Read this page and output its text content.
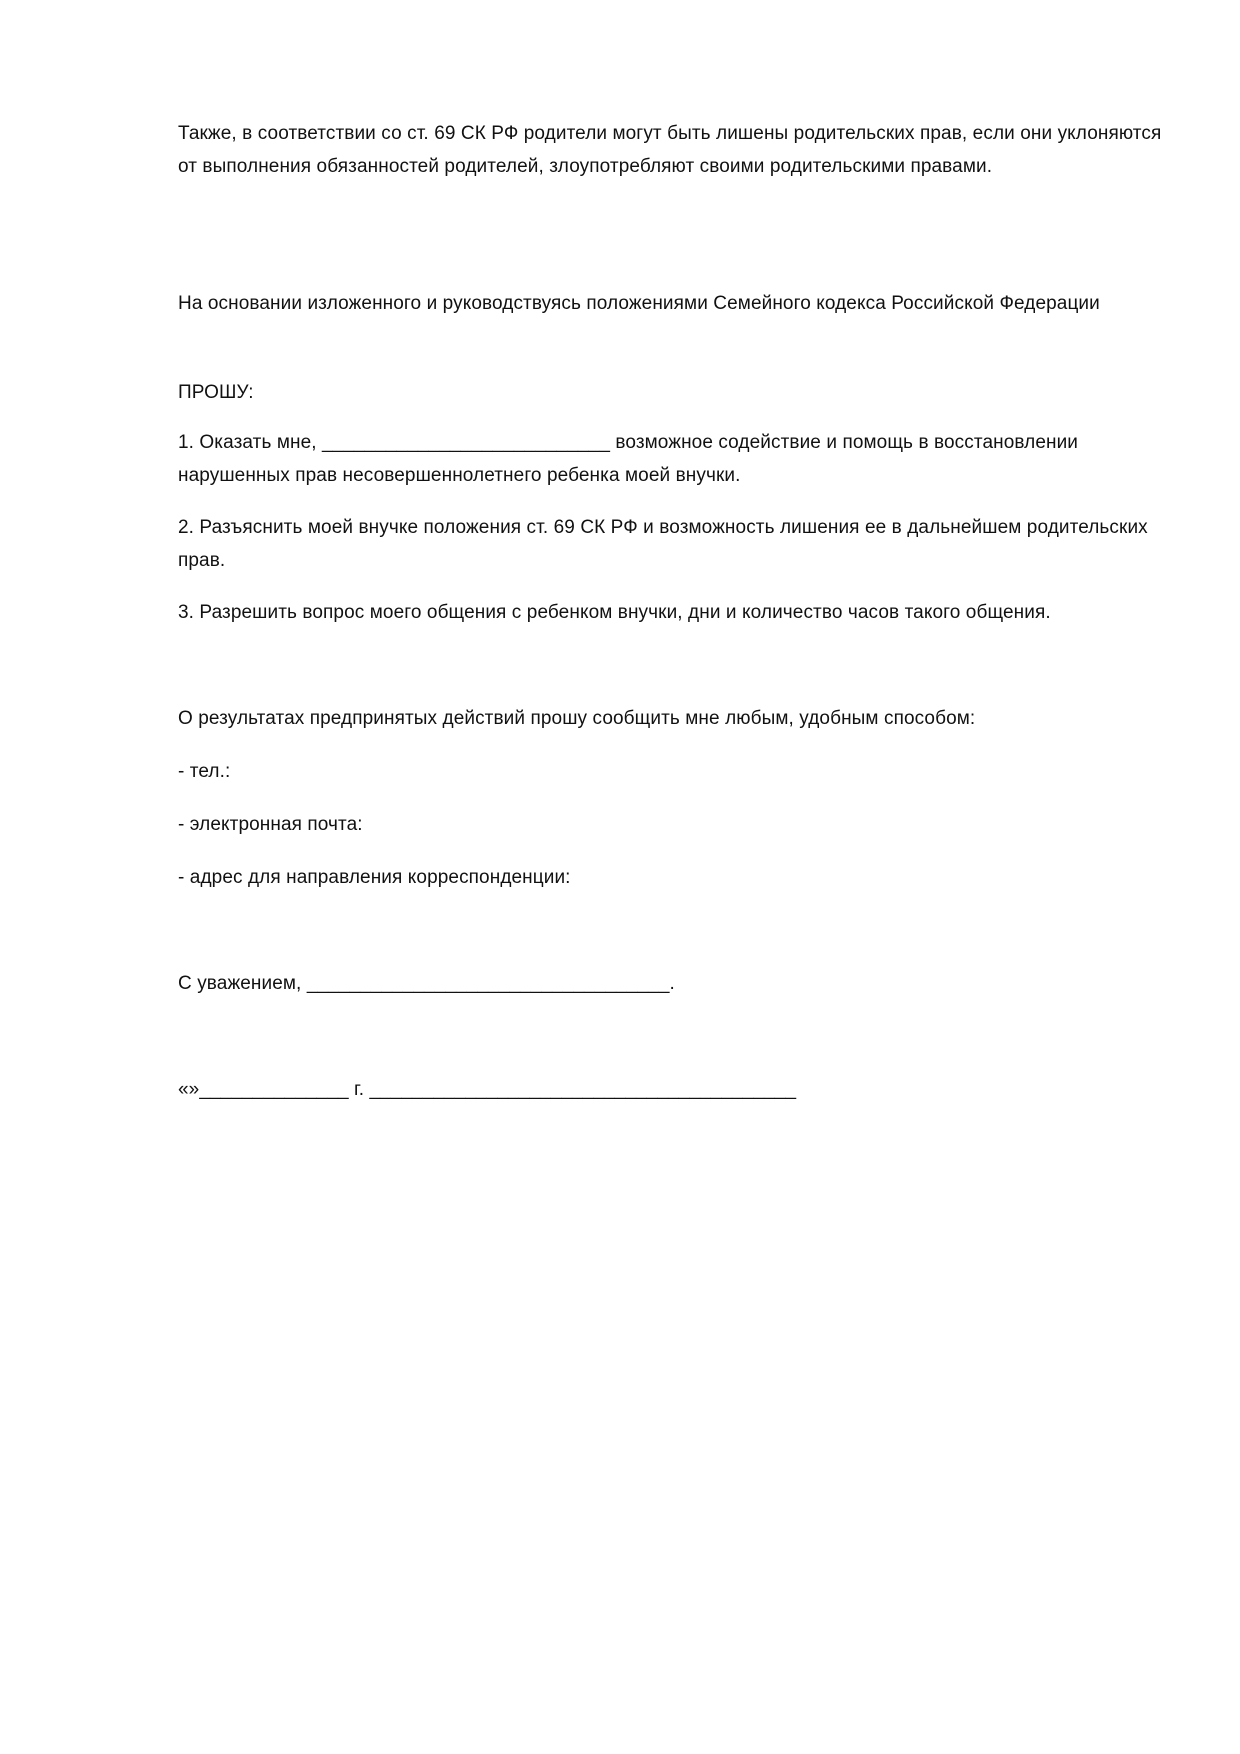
Также, в соответствии со ст. 69 СК РФ родители могут быть лишены родительских прав, если они уклоняются от выполнения обязанностей родителей, злоупотребляют своими родительскими правами.
На основании изложенного и руководствуясь положениями Семейного кодекса Российской Федерации
ПРОШУ:
1. Оказать мне, ___________________________ возможное содействие и помощь в восстановлении нарушенных прав несовершеннолетнего ребенка моей внучки.
2. Разъяснить моей внучке положения ст. 69 СК РФ и возможность лишения ее в дальнейшем родительских прав.
3. Разрешить вопрос моего общения с ребенком внучки, дни и количество часов такого общения.
О результатах предпринятых действий прошу сообщить мне любым, удобным способом:
- тел.:
- электронная почта:
- адрес для направления корреспонденции:
С уважением, __________________________________.
«»______________ г. ________________________________________
